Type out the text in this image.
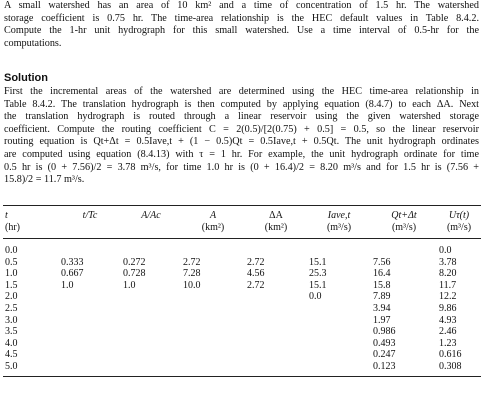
A small watershed has an area of 10 km² and a time of concentration of 1.5 hr. The watershed
storage coefficient is 0.75 hr. The time-area relationship is the HEC default values in Table 8.4.2.
Compute the 1-hr unit hydrograph for this small watershed. Use a time interval of 0.5-hr for the
computations.
Solution
First the incremental areas of the watershed are determined using the HEC time-area relationship in
Table 8.4.2. The translation hydrograph is then computed by applying equation (8.4.7) to each ΔA. Next
the translation hydrograph is routed through a linear reservoir using the given watershed storage
coefficient. Compute the routing coefficient C = 2(0.5)/[2(0.75) + 0.5] = 0.5, so the linear reservoir
routing equation is Qt+Δt = 0.5Iave,t + (1 − 0.5)Qt = 0.5Iave,t + 0.5Qt. The unit hydrograph ordinates
are computed using equation (8.4.13) with τ = 1 hr. For example, the unit hydrograph ordinate for time
0.5 hr is (0 + 7.56)/2 = 3.78 m³/s, for time 1.0 hr is (0 + 16.4)/2 = 8.20 m³/s and for 1.5 hr is (7.56 +
15.8)/2 = 11.7 m³/s.
t	t/Tc	A/Ac	A	ΔA	Iave,t	Qt+Δt	Uτ(t)
(hr)			(km²)	(km²)	(m³/s)	(m³/s)	(m³/s)
0.0							0.0
0.5	0.333	0.272	2.72	2.72	15.1	7.56	3.78
1.0	0.667	0.728	7.28	4.56	25.3	16.4	8.20
1.5	1.0	1.0	10.0	2.72	15.1	15.8	11.7
2.0					0.0	7.89	12.2
2.5						3.94	9.86
3.0						1.97	4.93
3.5						0.986	2.46
4.0						0.493	1.23
4.5						0.247	0.616
5.0						0.123	0.308
